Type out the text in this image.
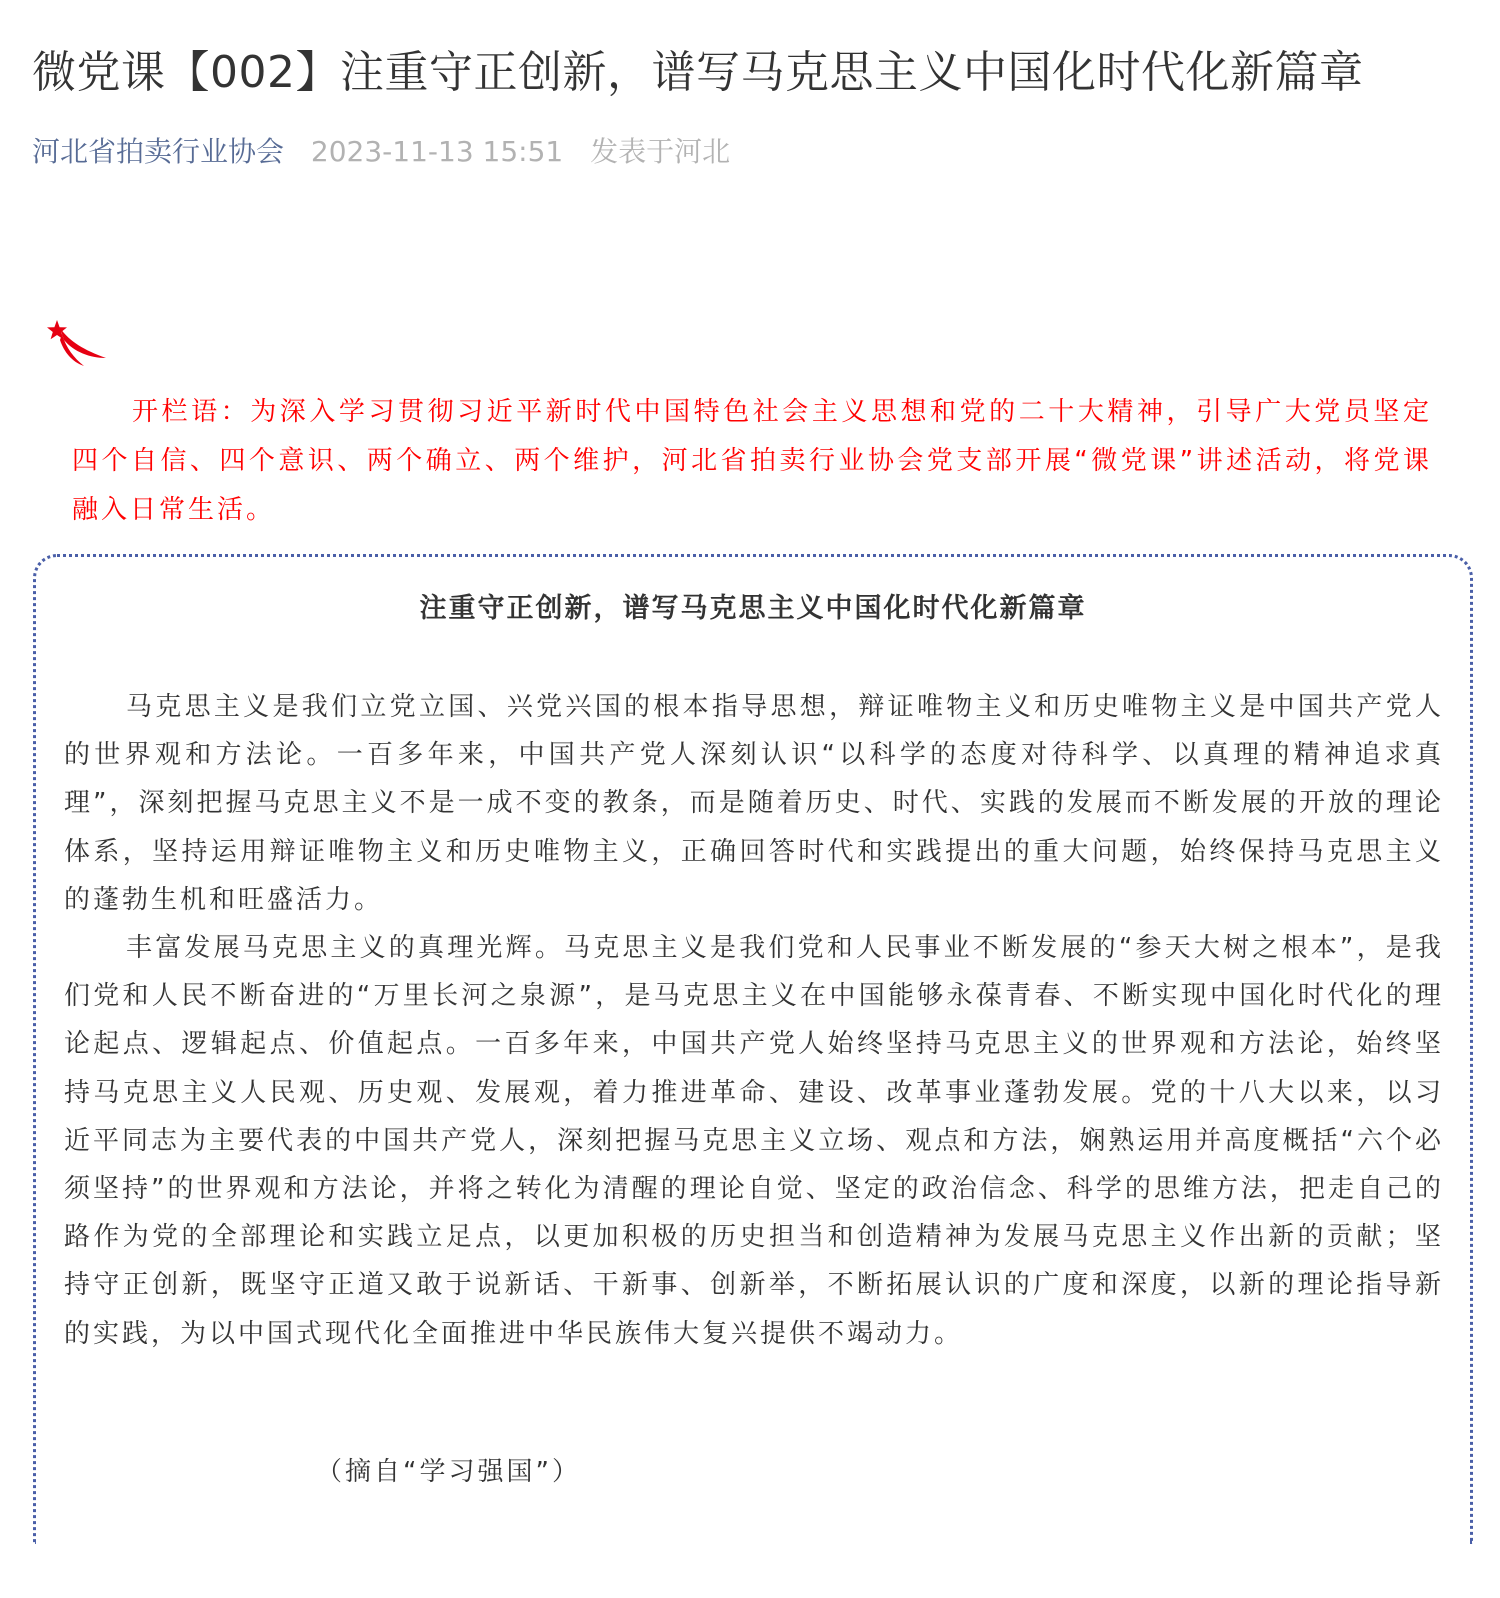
微党课【002】注重守正创新，谱写马克思主义中国化时代化新篇章
河北省拍卖行业协会 2023-11-13 15:51 发表于河北

开栏语：为深入学习贯彻习近平新时代中国特色社会主义思想和党的二十大精神，引导广大党员坚定四个自信、四个意识、两个确立、两个维护，河北省拍卖行业协会党支部开展“微党课”讲述活动，将党课融入日常生活。

注重守正创新，谱写马克思主义中国化时代化新篇章

马克思主义是我们立党立国、兴党兴国的根本指导思想，辩证唯物主义和历史唯物主义是中国共产党人的世界观和方法论。一百多年来，中国共产党人深刻认识“以科学的态度对待科学、以真理的精神追求真理”，深刻把握马克思主义不是一成不变的教条，而是随着历史、时代、实践的发展而不断发展的开放的理论体系，坚持运用辩证唯物主义和历史唯物主义，正确回答时代和实践提出的重大问题，始终保持马克思主义的蓬勃生机和旺盛活力。

丰富发展马克思主义的真理光辉。马克思主义是我们党和人民事业不断发展的“参天大树之根本”，是我们党和人民不断奋进的“万里长河之泉源”，是马克思主义在中国能够永葆青春、不断实现中国化时代化的理论起点、逻辑起点、价值起点。一百多年来，中国共产党人始终坚持马克思主义的世界观和方法论，始终坚持马克思主义人民观、历史观、发展观，着力推进革命、建设、改革事业蓬勃发展。党的十八大以来，以习近平同志为主要代表的中国共产党人，深刻把握马克思主义立场、观点和方法，娴熟运用并高度概括“六个必须坚持”的世界观和方法论，并将之转化为清醒的理论自觉、坚定的政治信念、科学的思维方法，把走自己的路作为党的全部理论和实践立足点，以更加积极的历史担当和创造精神为发展马克思主义作出新的贡献；坚持守正创新，既坚守正道又敢于说新话、干新事、创新举，不断拓展认识的广度和深度，以新的理论指导新的实践，为以中国式现代化全面推进中华民族伟大复兴提供不竭动力。

（摘自“学习强国”）
